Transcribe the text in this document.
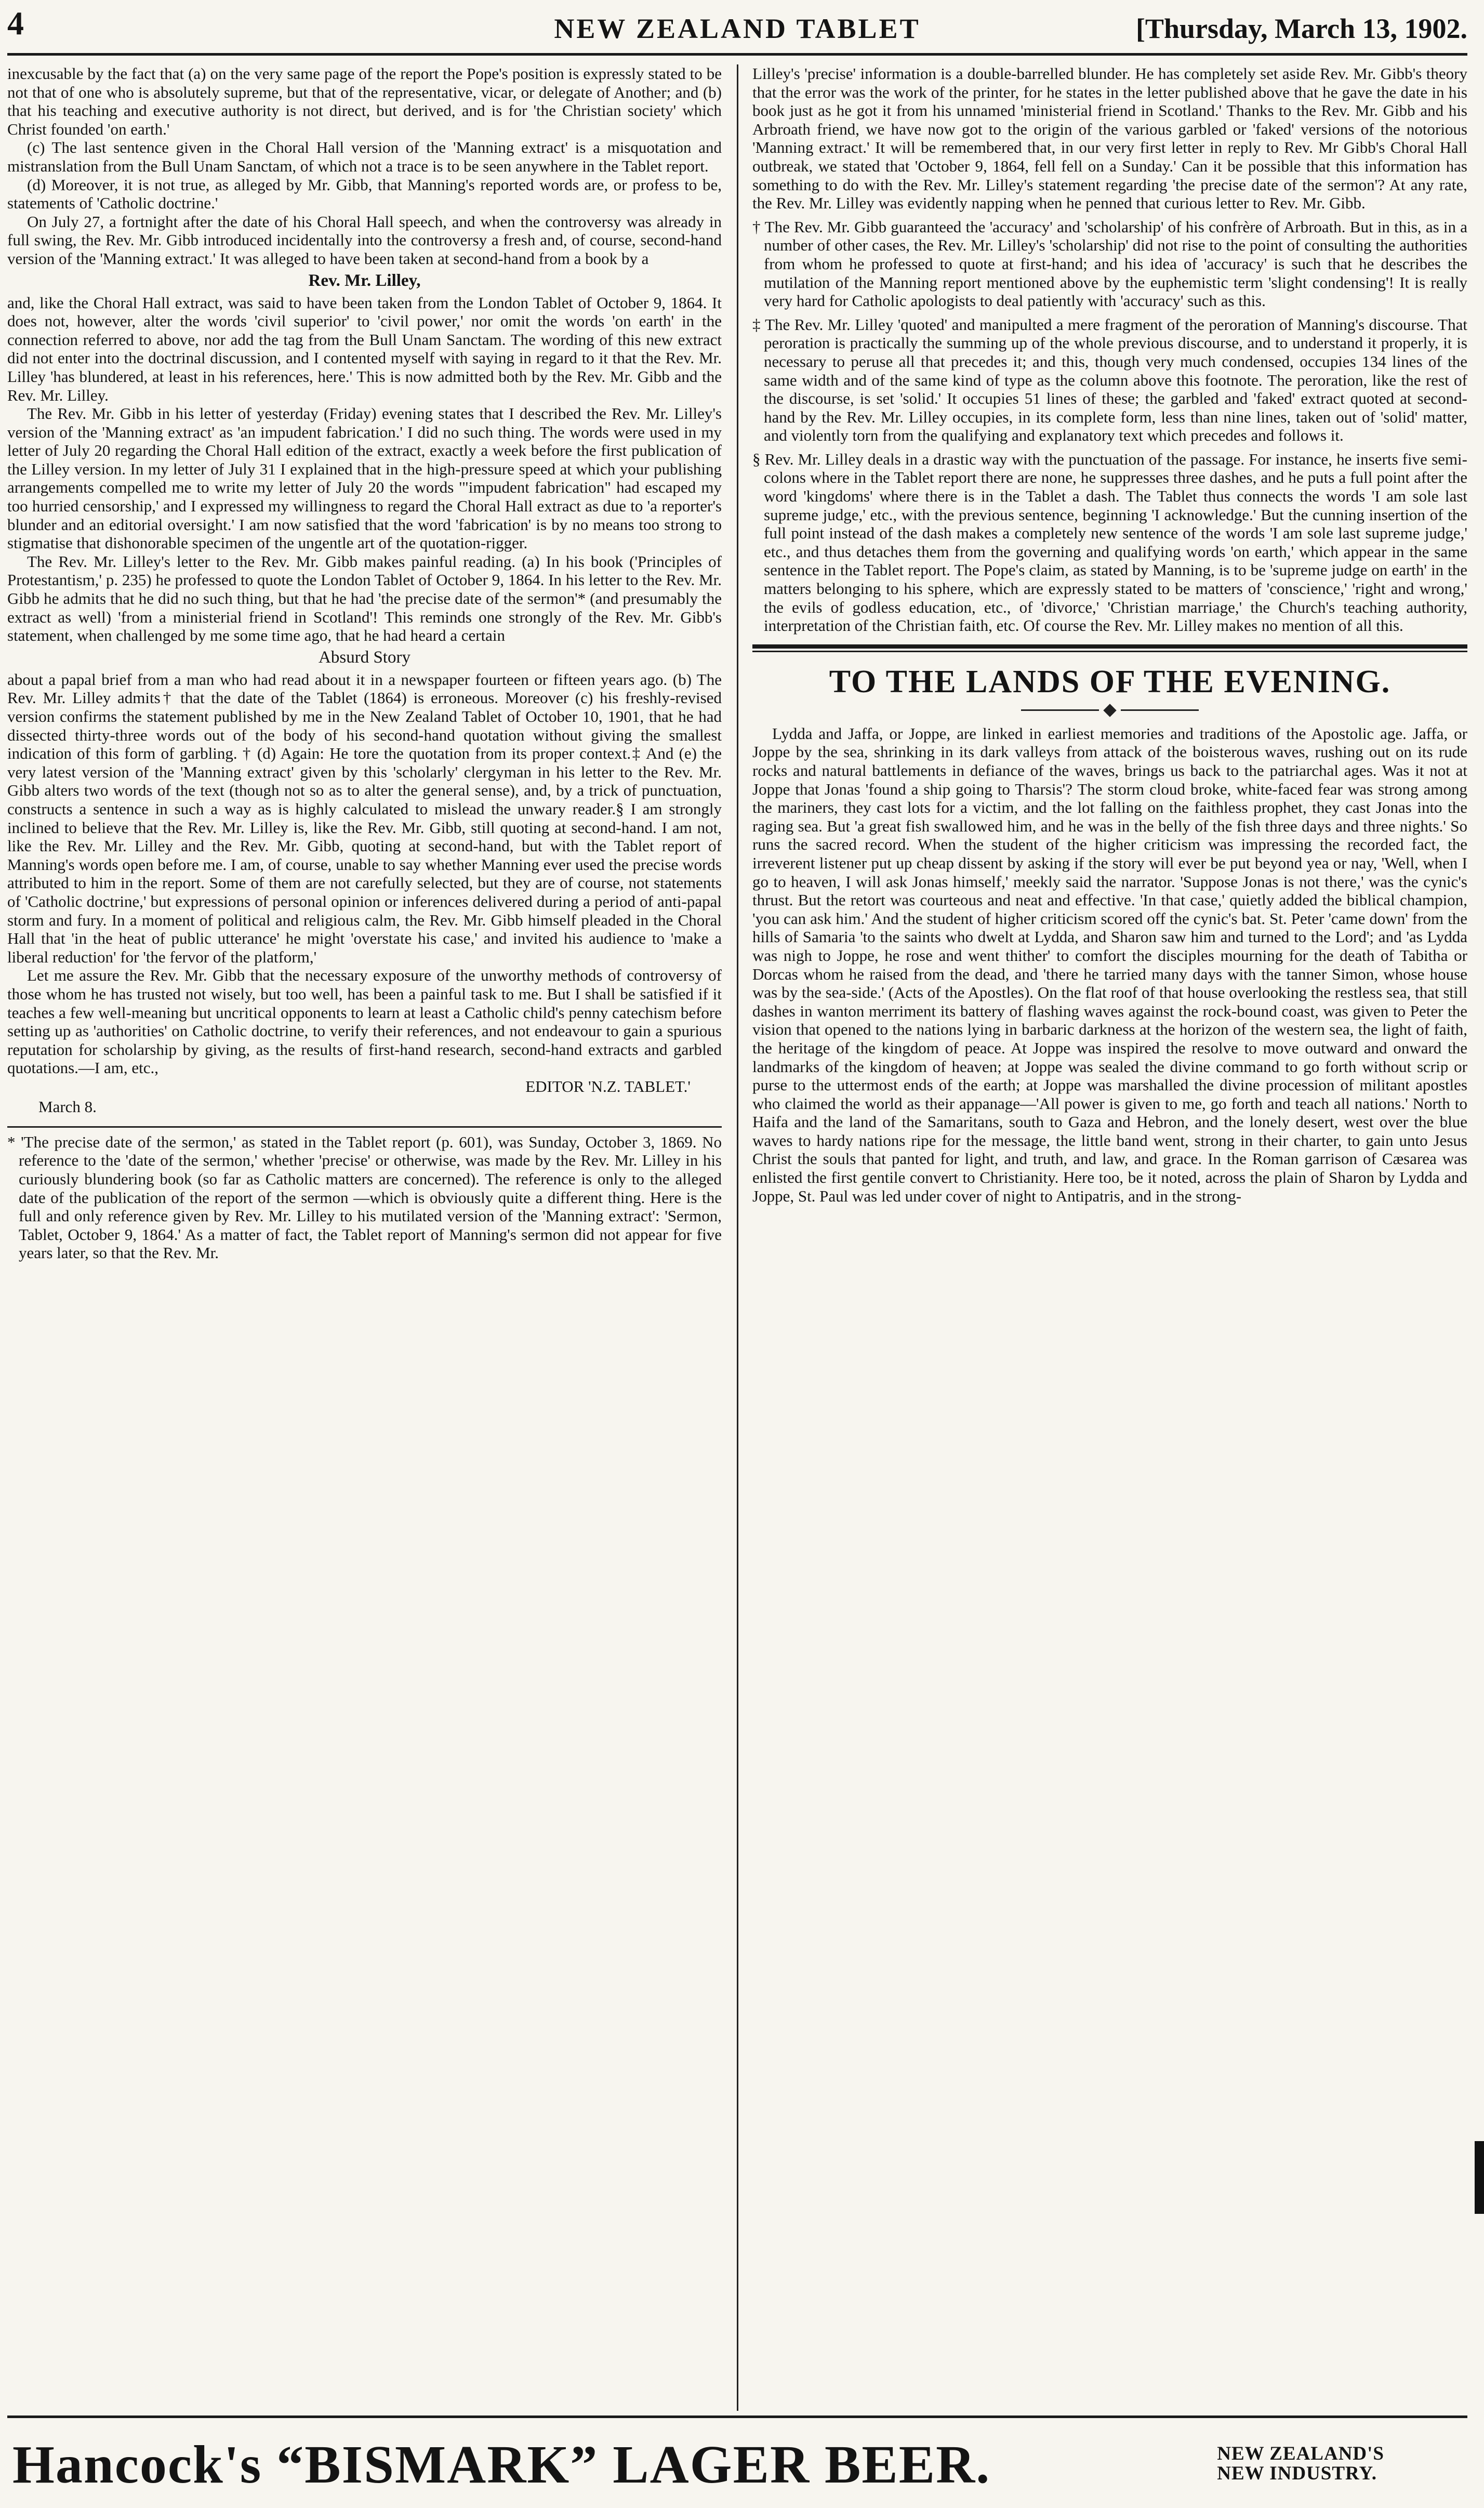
4	NEW ZEALAND TABLET	[Thursday, March 13, 1902.

inexcusable by the fact that (a) on the very same page of the report the Pope's position is expressly stated to be not that of one who is absolutely supreme, but that of the representative, vicar, or delegate of Another; and (b) that his teaching and executive authority is not direct, but derived, and is for 'the Christian society' which Christ founded 'on earth.'

(c) The last sentence given in the Choral Hall version of the 'Manning extract' is a misquotation and mistranslation from the Bull Unam Sanctam, of which not a trace is to be seen anywhere in the Tablet report.

(d) Moreover, it is not true, as alleged by Mr. Gibb, that Manning's reported words are, or profess to be, statements of 'Catholic doctrine.'

On July 27, a fortnight after the date of his Choral Hall speech, and when the controversy was already in full swing, the Rev. Mr. Gibb introduced incidentally into the controversy a fresh and, of course, second-hand version of the 'Manning extract.' It was alleged to have been taken at second-hand from a book by a

Rev. Mr. Lilley,

and, like the Choral Hall extract, was said to have been taken from the London Tablet of October 9, 1864. It does not, however, alter the words 'civil superior' to 'civil power,' nor omit the words 'on earth' in the connection referred to above, nor add the tag from the Bull Unam Sanctam. The wording of this new extract did not enter into the doctrinal discussion, and I contented myself with saying in regard to it that the Rev. Mr. Lilley 'has blundered, at least in his references, here.' This is now admitted both by the Rev. Mr. Gibb and the Rev. Mr. Lilley.

The Rev. Mr. Gibb in his letter of yesterday (Friday) evening states that I described the Rev. Mr. Lilley's version of the 'Manning extract' as 'an impudent fabrication.' I did no such thing. The words were used in my letter of July 20 regarding the Choral Hall edition of the extract, exactly a week before the first publication of the Lilley version. In my letter of July 31 I explained that in the high-pressure speed at which your publishing arrangements compelled me to write my letter of July 20 the words '"impudent fabrication" had escaped my too hurried censorship,' and I expressed my willingness to regard the Choral Hall extract as due to 'a reporter's blunder and an editorial oversight.' I am now satisfied that the word 'fabrication' is by no means too strong to stigmatise that dishonorable specimen of the ungentle art of the quotation-rigger.

The Rev. Mr. Lilley's letter to the Rev. Mr. Gibb makes painful reading. (a) In his book ('Principles of Protestantism,' p. 235) he professed to quote the London Tablet of October 9, 1864. In his letter to the Rev. Mr. Gibb he admits that he did no such thing, but that he had 'the precise date of the sermon'* (and presumably the extract as well) 'from a ministerial friend in Scotland'! This reminds one strongly of the Rev. Mr. Gibb's statement, when challenged by me some time ago, that he had heard a certain

Absurd Story

about a papal brief from a man who had read about it in a newspaper fourteen or fifteen years ago. (b) The Rev. Mr. Lilley admits† that the date of the Tablet (1864) is erroneous. Moreover (c) his freshly-revised version confirms the statement published by me in the New Zealand Tablet of October 10, 1901, that he had dissected thirty-three words out of the body of his second-hand quotation without giving the smallest indication of this form of garbling. † (d) Again: He tore the quotation from its proper context.‡ And (e) the very latest version of the 'Manning extract' given by this 'scholarly' clergyman in his letter to the Rev. Mr. Gibb alters two words of the text (though not so as to alter the general sense), and, by a trick of punctuation, constructs a sentence in such a way as is highly calculated to mislead the unwary reader.§ I am strongly inclined to believe that the Rev. Mr. Lilley is, like the Rev. Mr. Gibb, still quoting at second-hand. I am not, like the Rev. Mr. Lilley and the Rev. Mr. Gibb, quoting at second-hand, but with the Tablet report of Manning's words open before me. I am, of course, unable to say whether Manning ever used the precise words attributed to him in the report. Some of them are not carefully selected, but they are of course, not statements of 'Catholic doctrine,' but expressions of personal opinion or inferences delivered during a period of anti-papal storm and fury. In a moment of political and religious calm, the Rev. Mr. Gibb himself pleaded in the Choral Hall that 'in the heat of public utterance' he might 'overstate his case,' and invited his audience to 'make a liberal reduction' for 'the fervor of the platform,'

Let me assure the Rev. Mr. Gibb that the necessary exposure of the unworthy methods of controversy of those whom he has trusted not wisely, but too well, has been a painful task to me. But I shall be satisfied if it teaches a few well-meaning but uncritical opponents to learn at least a Catholic child's penny catechism before setting up as 'authorities' on Catholic doctrine, to verify their references, and not endeavour to gain a spurious reputation for scholarship by giving, as the results of first-hand research, second-hand extracts and garbled quotations.—I am, etc.,

EDITOR 'N.Z. TABLET.'
March 8.

* 'The precise date of the sermon,' as stated in the Tablet report (p. 601), was Sunday, October 3, 1869. No reference to the 'date of the sermon,' whether 'precise' or otherwise, was made by the Rev. Mr. Lilley in his curiously blundering book (so far as Catholic matters are concerned). The reference is only to the alleged date of the publication of the report of the sermon —which is obviously quite a different thing. Here is the full and only reference given by Rev. Mr. Lilley to his mutilated version of the 'Manning extract': 'Sermon, Tablet, October 9, 1864.' As a matter of fact, the Tablet report of Manning's sermon did not appear for five years later, so that the Rev. Mr.

Lilley's 'precise' information is a double-barrelled blunder. He has completely set aside Rev. Mr. Gibb's theory that the error was the work of the printer, for he states in the letter published above that he gave the date in his book just as he got it from his unnamed 'ministerial friend in Scotland.' Thanks to the Rev. Mr. Gibb and his Arbroath friend, we have now got to the origin of the various garbled or 'faked' versions of the notorious 'Manning extract.' It will be remembered that, in our very first letter in reply to Rev. Mr Gibb's Choral Hall outbreak, we stated that 'October 9, 1864, fell fell on a Sunday.' Can it be possible that this information has something to do with the Rev. Mr. Lilley's statement regarding 'the precise date of the sermon'? At any rate, the Rev. Mr. Lilley was evidently napping when he penned that curious letter to Rev. Mr. Gibb.

† The Rev. Mr. Gibb guaranteed the 'accuracy' and 'scholarship' of his confrère of Arbroath. But in this, as in a number of other cases, the Rev. Mr. Lilley's 'scholarship' did not rise to the point of consulting the authorities from whom he professed to quote at first-hand; and his idea of 'accuracy' is such that he describes the mutilation of the Manning report mentioned above by the euphemistic term 'slight condensing'! It is really very hard for Catholic apologists to deal patiently with 'accuracy' such as this.

‡ The Rev. Mr. Lilley 'quoted' and manipulted a mere fragment of the peroration of Manning's discourse. That peroration is practically the summing up of the whole previous discourse, and to understand it properly, it is necessary to peruse all that precedes it; and this, though very much condensed, occupies 134 lines of the same width and of the same kind of type as the column above this footnote. The peroration, like the rest of the discourse, is set 'solid.' It occupies 51 lines of these; the garbled and 'faked' extract quoted at second-hand by the Rev. Mr. Lilley occupies, in its complete form, less than nine lines, taken out of 'solid' matter, and violently torn from the qualifying and explanatory text which precedes and follows it.

§ Rev. Mr. Lilley deals in a drastic way with the punctuation of the passage. For instance, he inserts five semi-colons where in the Tablet report there are none, he suppresses three dashes, and he puts a full point after the word 'kingdoms' where there is in the Tablet a dash. The Tablet thus connects the words 'I am sole last supreme judge,' etc., with the previous sentence, beginning 'I acknowledge.' But the cunning insertion of the full point instead of the dash makes a completely new sentence of the words 'I am sole last supreme judge,' etc., and thus detaches them from the governing and qualifying words 'on earth,' which appear in the same sentence in the Tablet report. The Pope's claim, as stated by Manning, is to be 'supreme judge on earth' in the matters belonging to his sphere, which are expressly stated to be matters of 'conscience,' 'right and wrong,' the evils of godless education, etc., of 'divorce,' 'Christian marriage,' the Church's teaching authority, interpretation of the Christian faith, etc. Of course the Rev. Mr. Lilley makes no mention of all this.

TO THE LANDS OF THE EVENING.

Lydda and Jaffa, or Joppe, are linked in earliest memories and traditions of the Apostolic age. Jaffa, or Joppe by the sea, shrinking in its dark valleys from attack of the boisterous waves, rushing out on its rude rocks and natural battlements in defiance of the waves, brings us back to the patriarchal ages. Was it not at Joppe that Jonas 'found a ship going to Tharsis'? The storm cloud broke, white-faced fear was strong among the mariners, they cast lots for a victim, and the lot falling on the faithless prophet, they cast Jonas into the raging sea. But 'a great fish swallowed him, and he was in the belly of the fish three days and three nights.' So runs the sacred record. When the student of the higher criticism was impressing the recorded fact, the irreverent listener put up cheap dissent by asking if the story will ever be put beyond yea or nay, 'Well, when I go to heaven, I will ask Jonas himself,' meekly said the narrator. 'Suppose Jonas is not there,' was the cynic's thrust. But the retort was courteous and neat and effective. 'In that case,' quietly added the biblical champion, 'you can ask him.' And the student of higher criticism scored off the cynic's bat. St. Peter 'came down' from the hills of Samaria 'to the saints who dwelt at Lydda, and Sharon saw him and turned to the Lord'; and 'as Lydda was nigh to Joppe, he rose and went thither' to comfort the disciples mourning for the death of Tabitha or Dorcas whom he raised from the dead, and 'there he tarried many days with the tanner Simon, whose house was by the sea-side.' (Acts of the Apostles). On the flat roof of that house overlooking the restless sea, that still dashes in wanton merriment its battery of flashing waves against the rock-bound coast, was given to Peter the vision that opened to the nations lying in barbaric darkness at the horizon of the western sea, the light of faith, the heritage of the kingdom of peace. At Joppe was inspired the resolve to move outward and onward the landmarks of the kingdom of heaven; at Joppe was sealed the divine command to go forth without scrip or purse to the uttermost ends of the earth; at Joppe was marshalled the divine procession of militant apostles who claimed the world as their appanage—'All power is given to me, go forth and teach all nations.' North to Haifa and the land of the Samaritans, south to Gaza and Hebron, and the lonely desert, west over the blue waves to hardy nations ripe for the message, the little band went, strong in their charter, to gain unto Jesus Christ the souls that panted for light, and truth, and law, and grace. In the Roman garrison of Cæsarea was enlisted the first gentile convert to Christianity. Here too, be it noted, across the plain of Sharon by Lydda and Joppe, St. Paul was led under cover of night to Antipatris, and in the strong-

Hancock's “BISMARK” LAGER BEER.	NEW ZEALAND'S
NEW INDUSTRY.
